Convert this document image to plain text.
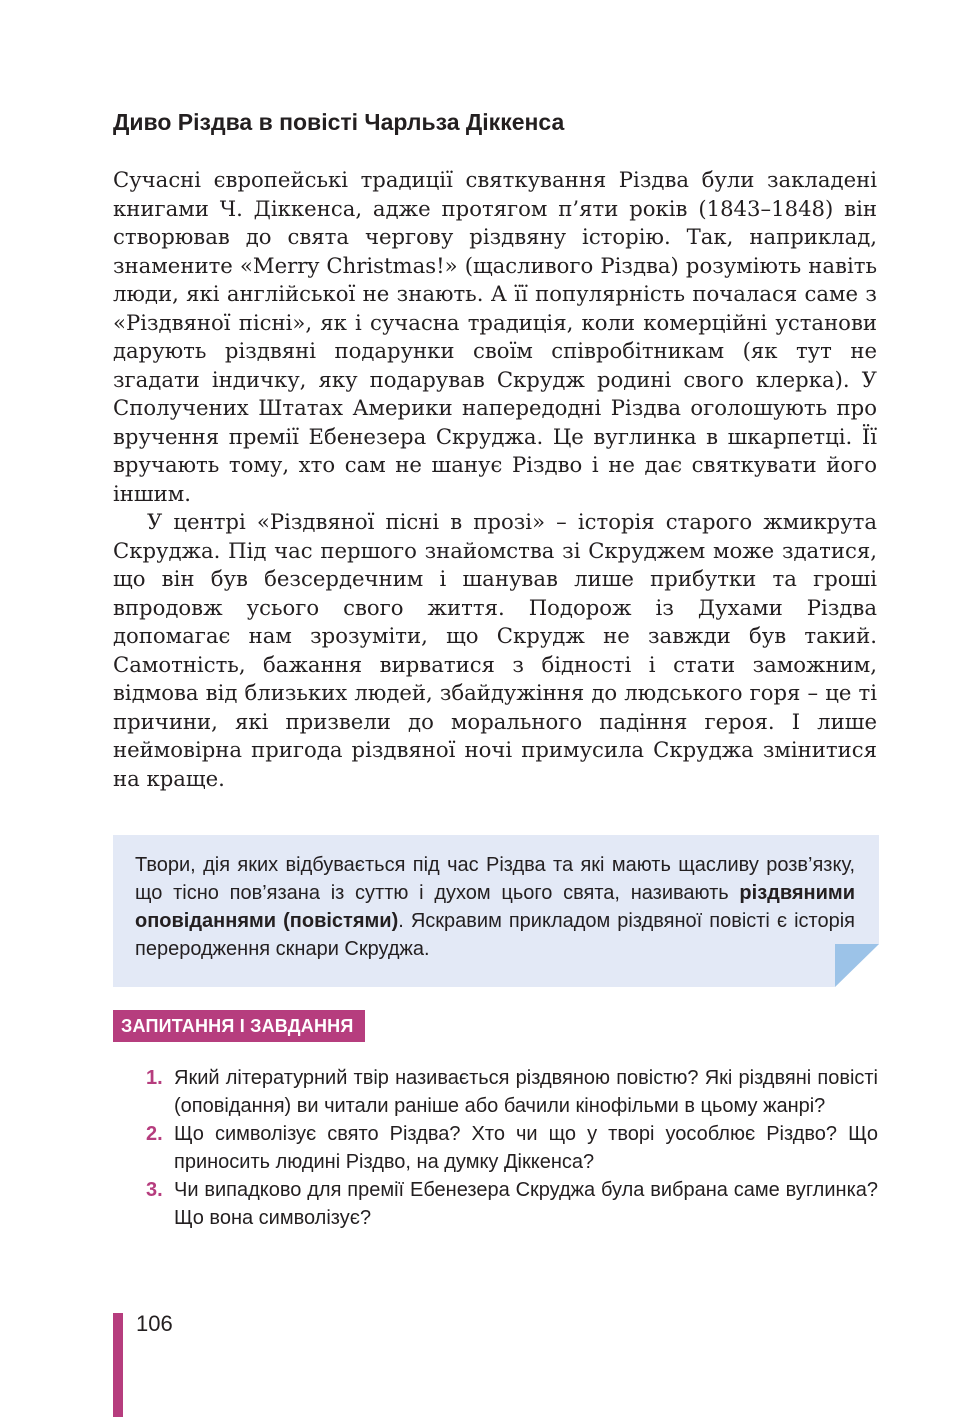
Диво Різдва в повісті Чарльза Діккенса

Сучасні європейські традиції святкування Різдва були закладені книгами Ч. Діккенса, адже протягом п’яти років (1843–1848) він створював до свята чергову різдвяну історію. Так, наприклад, знамените «Merry Christmas!» (щасливого Різдва) розуміють навіть люди, які англійської не знають. А її популярність почалася саме з «Різдвяної пісні», як і сучасна традиція, коли комерційні установи дарують різдвяні подарунки своїм співробітникам (як тут не згадати індичку, яку подарував Скрудж родині свого клерка). У Сполучених Штатах Америки напередодні Різдва оголошують про вручення премії Ебенезера Скруджа. Це вуглинка в шкарпетці. Її вручають тому, хто сам не шанує Різдво і не дає святкувати його іншим.

У центрі «Різдвяної пісні в прозі» – історія старого жмикрута Скруджа. Під час першого знайомства зі Скруджем може здатися, що він був безсердечним і шанував лише прибутки та гроші впродовж усього свого життя. Подорож із Духами Різдва допомагає нам зрозуміти, що Скрудж не завжди був такий. Самотність, бажання вирватися з бідності і стати заможним, відмова від близьких людей, збайдужіння до людського горя – це ті причини, які призвели до морального падіння героя. І лише неймовірна пригода різдвяної ночі примусила Скруджа змінитися на краще.

Твори, дія яких відбувається під час Різдва та які мають щасливу розв’язку, що тісно пов’язана із суттю і духом цього свята, називають різдвяними оповіданнями (повістями). Яскравим прикладом різдвяної повісті є історія переродження скнари Скруджа.
ЗАПИТАННЯ І ЗАВДАННЯ
1. Який літературний твір називається різдвяною повістю? Які різдвяні повісті (оповідання) ви читали раніше або бачили кінофільми в цьому жанрі?
2. Що символізує свято Різдва? Хто чи що у творі уособлює Різдво? Що приносить людині Різдво, на думку Діккенса?
3. Чи випадково для премії Ебенезера Скруджа була вибрана саме вуглинка? Що вона символізує?
106
